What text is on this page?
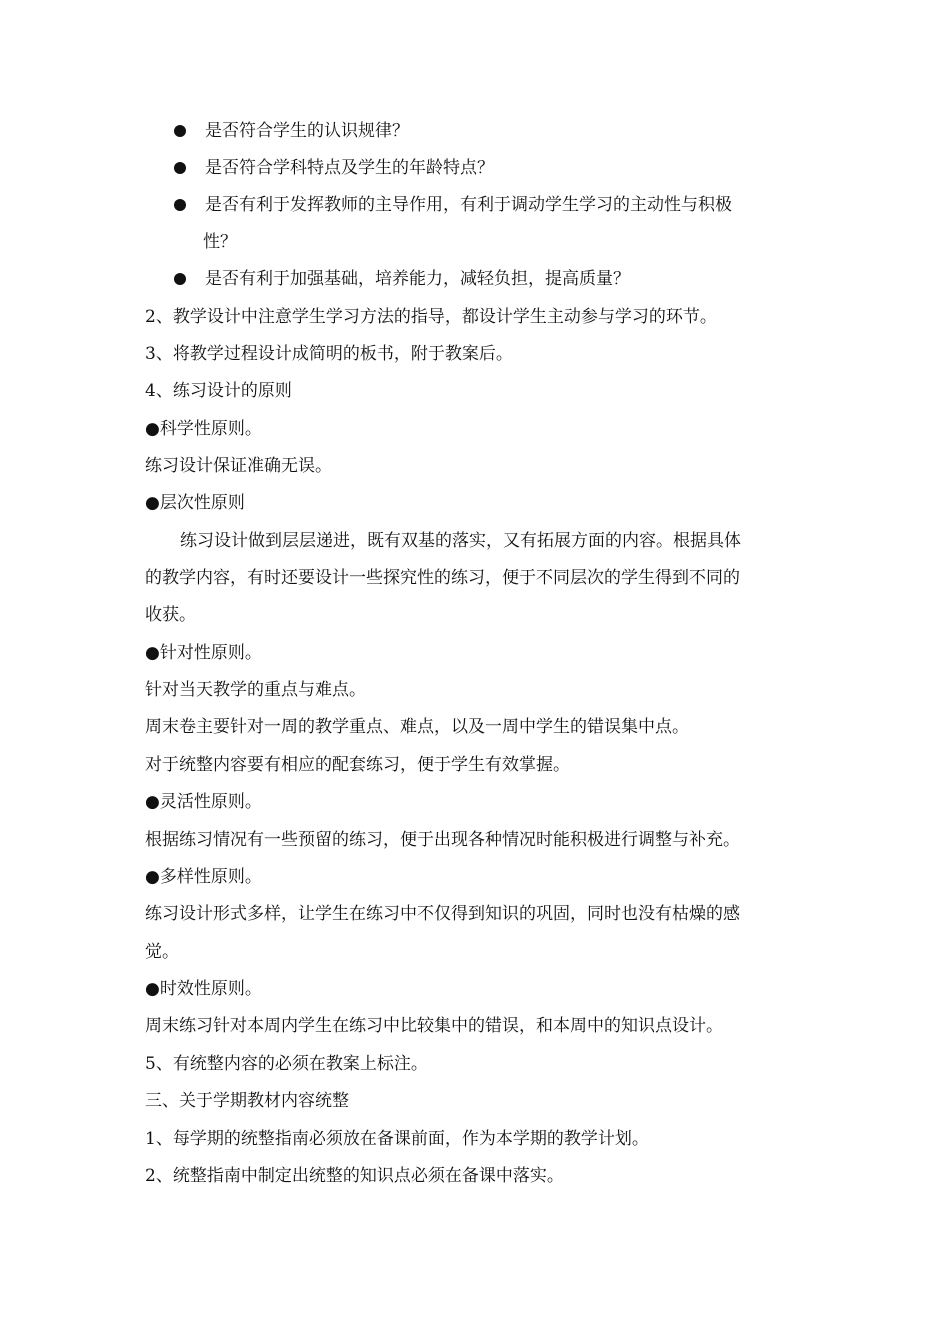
是否符合学生的认识规律？
是否符合学科特点及学生的年龄特点？
是否有利于发挥教师的主导作用，有利于调动学生学习的主动性与积极
性？
是否有利于加强基础，培养能力，减轻负担，提高质量？
2、教学设计中注意学生学习方法的指导，都设计学生主动参与学习的环节。
3、将教学过程设计成简明的板书，附于教案后。
4、练习设计的原则
●科学性原则。
练习设计保证准确无误。
●层次性原则
练习设计做到层层递进，既有双基的落实，又有拓展方面的内容。根据具体
的教学内容，有时还要设计一些探究性的练习，便于不同层次的学生得到不同的
收获。
●针对性原则。
针对当天教学的重点与难点。
周末卷主要针对一周的教学重点、难点，以及一周中学生的错误集中点。
对于统整内容要有相应的配套练习，便于学生有效掌握。
●灵活性原则。
根据练习情况有一些预留的练习，便于出现各种情况时能积极进行调整与补充。
●多样性原则。
练习设计形式多样，让学生在练习中不仅得到知识的巩固，同时也没有枯燥的感
觉。
●时效性原则。
周末练习针对本周内学生在练习中比较集中的错误，和本周中的知识点设计。
5、有统整内容的必须在教案上标注。
三、关于学期教材内容统整
1、每学期的统整指南必须放在备课前面，作为本学期的教学计划。
2、统整指南中制定出统整的知识点必须在备课中落实。
